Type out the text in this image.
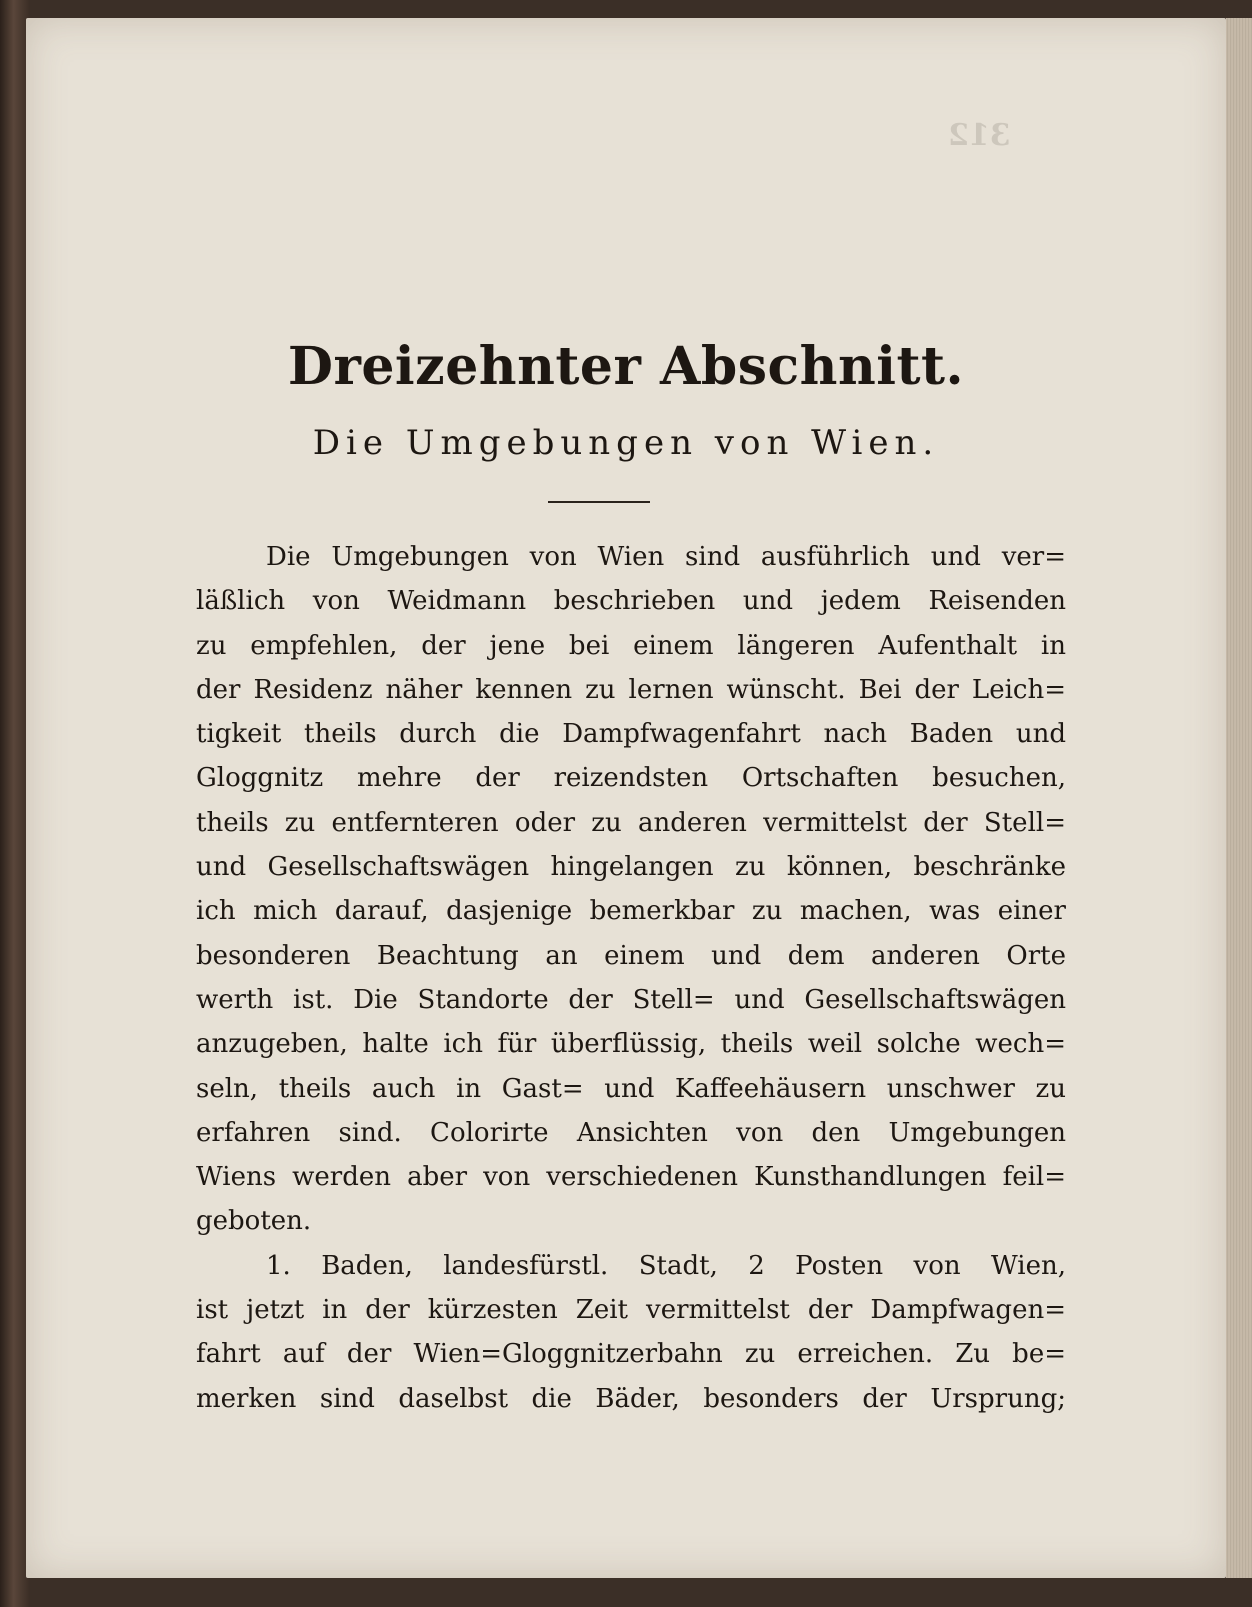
312
Dreizehnter Abschnitt.
Die Umgebungen von Wien.
Die Umgebungen von Wien sind ausführlich und ver=
läßlich von Weidmann beschrieben und jedem Reisenden
zu empfehlen, der jene bei einem längeren Aufenthalt in
der Residenz näher kennen zu lernen wünscht. Bei der Leich=
tigkeit theils durch die Dampfwagenfahrt nach Baden und
Gloggnitz mehre der reizendsten Ortschaften besuchen,
theils zu entfernteren oder zu anderen vermittelst der Stell=
und Gesellschaftswägen hingelangen zu können, beschränke
ich mich darauf, dasjenige bemerkbar zu machen, was einer
besonderen Beachtung an einem und dem anderen Orte
werth ist. Die Standorte der Stell= und Gesellschaftswägen
anzugeben, halte ich für überflüssig, theils weil solche wech=
seln, theils auch in Gast= und Kaffeehäusern unschwer zu
erfahren sind. Colorirte Ansichten von den Umgebungen
Wiens werden aber von verschiedenen Kunsthandlungen feil=
geboten.
1. Baden, landesfürstl. Stadt, 2 Posten von Wien,
ist jetzt in der kürzesten Zeit vermittelst der Dampfwagen=
fahrt auf der Wien=Gloggnitzerbahn zu erreichen. Zu be=
merken sind daselbst die Bäder, besonders der Ursprung;
